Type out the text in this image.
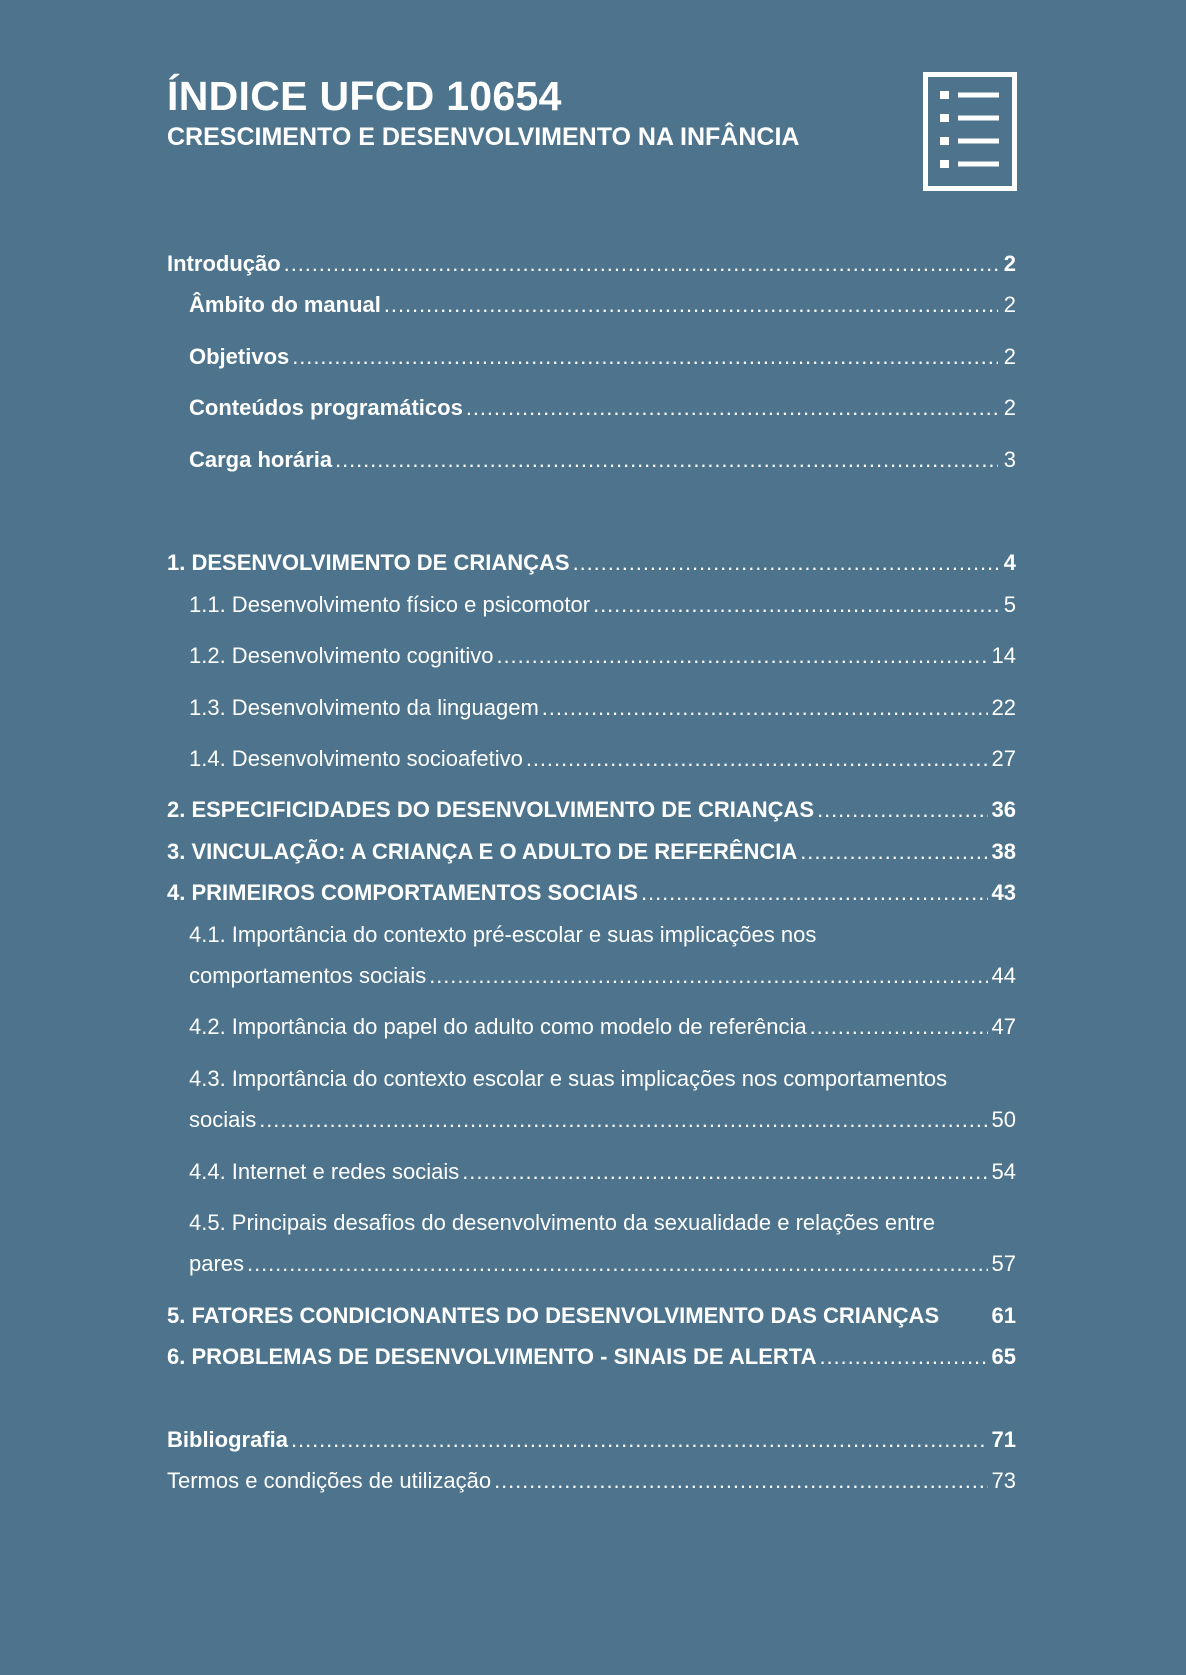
ÍNDICE UFCD 10654
CRESCIMENTO E DESENVOLVIMENTO NA INFÂNCIA
Introdução . . .	2
Âmbito do manual . . .	2
Objetivos . . .	2
Conteúdos programáticos . . .	2
Carga horária . . .	3
1. DESENVOLVIMENTO DE CRIANÇAS . . .	4
1.1. Desenvolvimento físico e psicomotor . . .	5
1.2. Desenvolvimento cognitivo . . .	14
1.3. Desenvolvimento da linguagem . . .	22
1.4. Desenvolvimento socioafetivo . . .	27
2. ESPECIFICIDADES DO DESENVOLVIMENTO DE CRIANÇAS . . .	36
3. VINCULAÇÃO: A CRIANÇA E O ADULTO DE REFERÊNCIA . . .	38
4. PRIMEIROS COMPORTAMENTOS SOCIAIS . . .	43
4.1. Importância do contexto pré-escolar e suas implicações nos
comportamentos sociais . . .	44
4.2. Importância do papel do adulto como modelo de referência . . .	47
4.3. Importância do contexto escolar e suas implicações nos comportamentos
sociais . . .	50
4.4. Internet e redes sociais . . .	54
4.5. Principais desafios do desenvolvimento da sexualidade e relações entre
pares . . .	57
5. FATORES CONDICIONANTES DO DESENVOLVIMENTO DAS CRIANÇAS 61
6. PROBLEMAS DE DESENVOLVIMENTO - SINAIS DE ALERTA . . .	65
Bibliografia . . .	71
Termos e condições de utilização . . .	73
